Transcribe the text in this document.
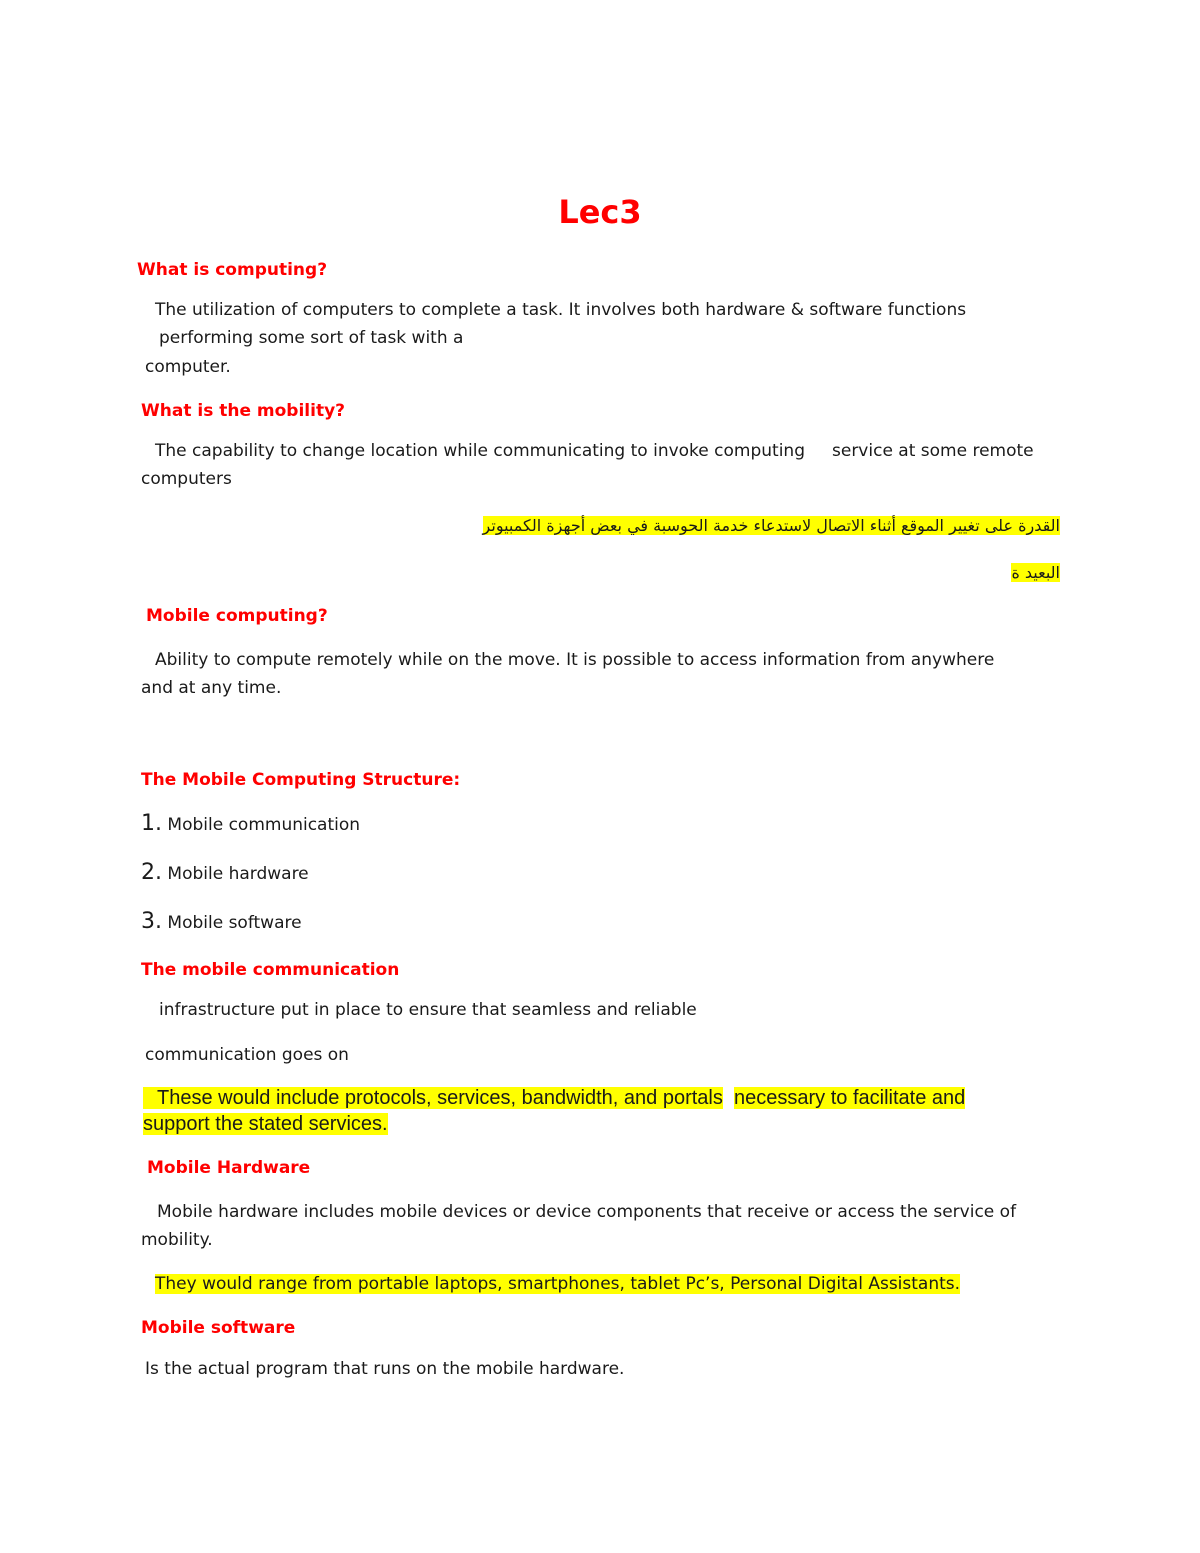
Lec3
What is computing?
The utilization of computers to complete a task. It involves both hardware & software functions
performing some sort of task with a
computer.
What is the mobility?
The capability to change location while communicating to invoke computing     service at some remote
computers
القدرة على تغيير الموقع أثناء الاتصال لاستدعاء خدمة الحوسبة في بعض أجهزة الكمبيوتر
البعيد ة
Mobile computing?
Ability to compute remotely while on the move. It is possible to access information from anywhere
and at any time.
The Mobile Computing Structure:
1. Mobile communication
2. Mobile hardware
3. Mobile software
The mobile communication
infrastructure put in place to ensure that seamless and reliable
communication goes on
These would include protocols, services, bandwidth, and portals necessary to facilitate and
support the stated services.
Mobile Hardware
Mobile hardware includes mobile devices or device components that receive or access the service of
mobility.
They would range from portable laptops, smartphones, tablet Pc’s, Personal Digital Assistants.
Mobile software
Is the actual program that runs on the mobile hardware.
